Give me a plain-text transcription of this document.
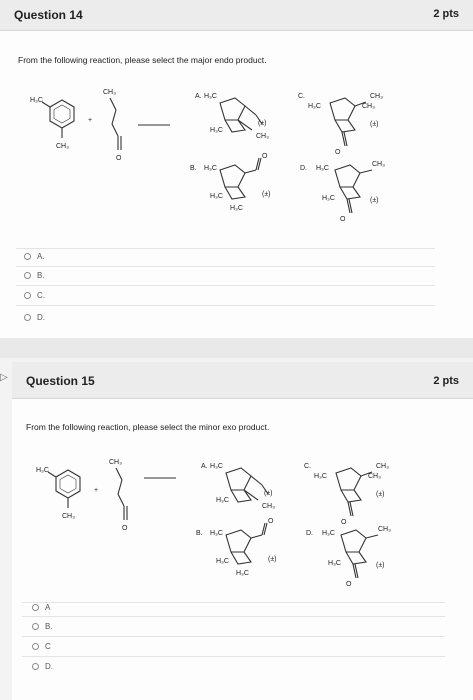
Question 14	2 pts
From the following reaction, please select the major endo product.
H₃C
CH₃
+
CH₃
O
A. H₃C
H₃C
(±)
CH₃
C.
H₃C
CH₃
CH₃
(±)
O
B. H₃C
O
H₃C
H₃C
(±)
D. H₃C
CH₃
H₃C	(±)
O
A.
B.
C.
D.
▷ Question 15	2 pts
From the following reaction, please select the minor exo product.
H₃C
CH₃
+
CH₃
O
A. H₃C
H₃C
(±)
CH₃
C.
H₃C
CH₃
CH₃
(±)
O
B. H₃C
O
H₃C
H₃C
(±)
D. H₃C
CH₃
H₃C	(±)
O
A
B.
C
D.
